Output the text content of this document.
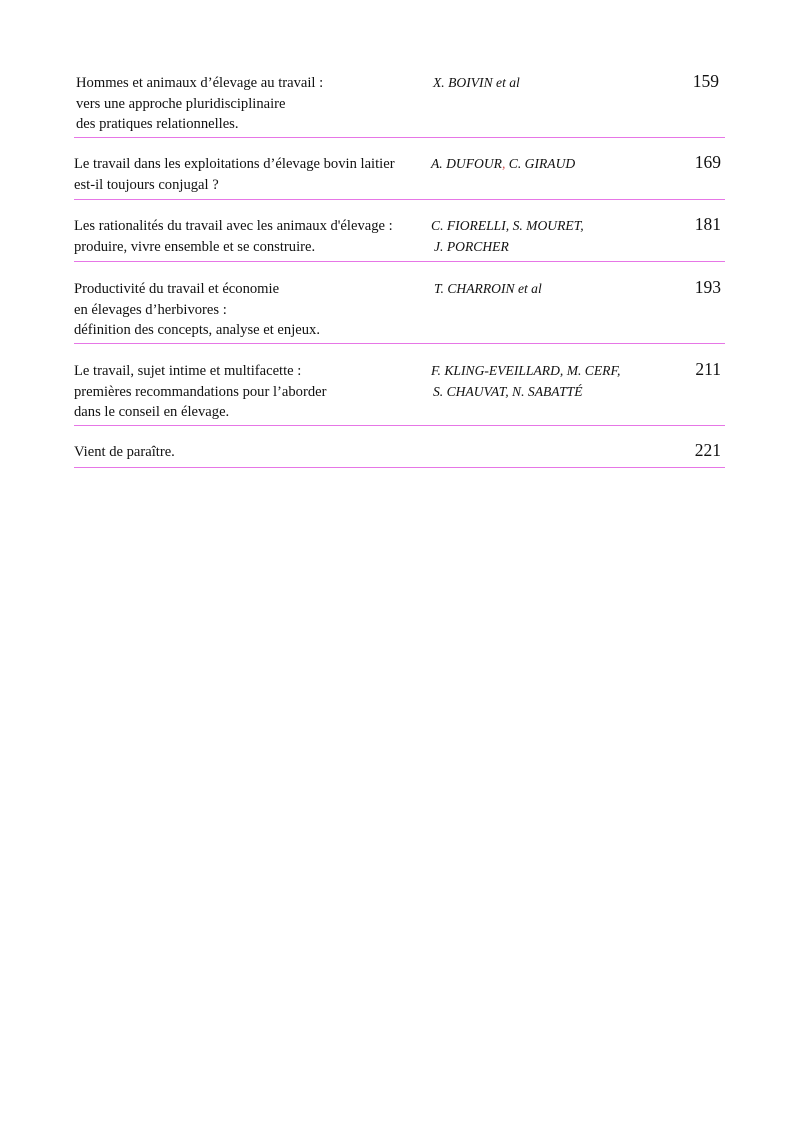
Hommes et animaux d’élevage au travail :
vers une approche pluridisciplinaire
des pratiques relationnelles.
X. BOIVIN et al	159
Le travail dans les exploitations d’élevage bovin laitier
est-il toujours conjugal ?
A. DUFOUR, C. GIRAUD	169
Les rationalités du travail avec les animaux d'élevage :
produire, vivre ensemble et se construire.
C. FIORELLI, S. MOURET,
J. PORCHER
181
Productivité du travail et économie
en élevages d’herbivores :
définition des concepts, analyse et enjeux.
T. CHARROIN et al	193
Le travail, sujet intime et multifacette :
premières recommandations pour l’aborder
dans le conseil en élevage.
F. KLING-EVEILLARD, M. CERF,
S. CHAUVAT, N. SABATTÉ
211
Vient de paraître.	221
